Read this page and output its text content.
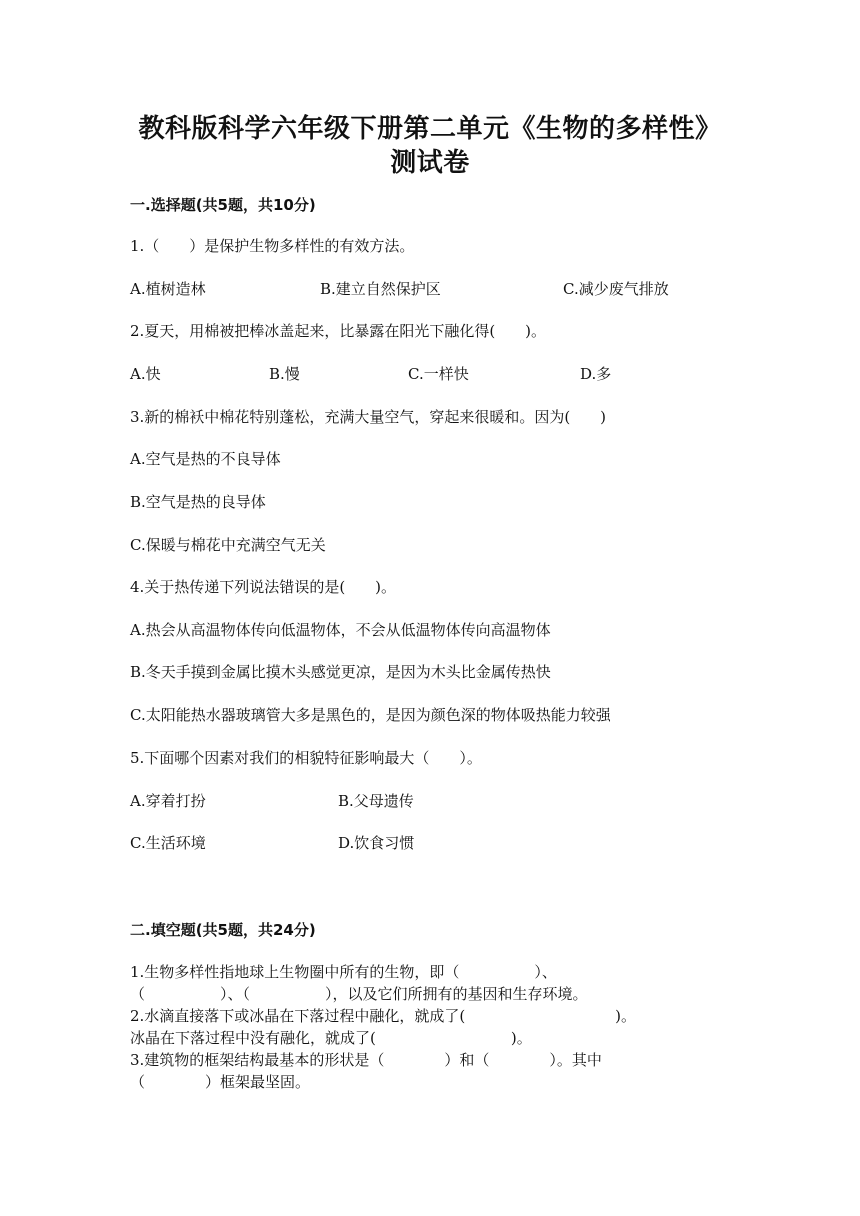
教科版科学六年级下册第二单元《生物的多样性》
测试卷
一.选择题(共5题，共10分)
1.（　　）是保护生物多样性的有效方法。
A.植树造林	B.建立自然保护区	C.减少废气排放
2.夏天，用棉被把棒冰盖起来，比暴露在阳光下融化得(　　)。
A.快	B.慢	C.一样快	D.多
3.新的棉袄中棉花特别蓬松，充满大量空气，穿起来很暖和。因为(　　)
A.空气是热的不良导体
B.空气是热的良导体
C.保暖与棉花中充满空气无关
4.关于热传递下列说法错误的是(　　)。
A.热会从高温物体传向低温物体，不会从低温物体传向高温物体
B.冬天手摸到金属比摸木头感觉更凉，是因为木头比金属传热快
C.太阳能热水器玻璃管大多是黑色的，是因为颜色深的物体吸热能力较强
5.下面哪个因素对我们的相貌特征影响最大（　　）。
A.穿着打扮	B.父母遗传
C.生活环境	D.饮食习惯
二.填空题(共5题，共24分)
1.生物多样性指地球上生物圈中所有的生物，即（　　　　　）、
（　　　　　）、（　　　　　），以及它们所拥有的基因和生存环境。
2.水滴直接落下或冰晶在下落过程中融化，就成了(　　　　　　　　　　)。
冰晶在下落过程中没有融化，就成了(　　　　　　　　　)。
3.建筑物的框架结构最基本的形状是（　　　　）和（　　　　）。其中
（　　　　）框架最坚固。
